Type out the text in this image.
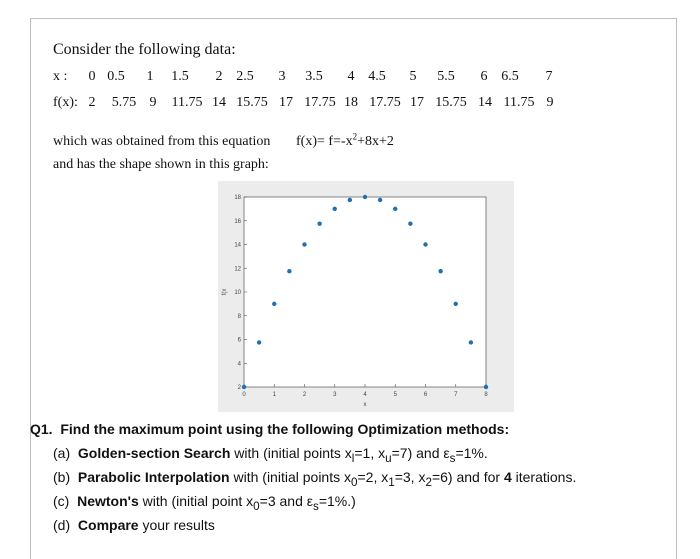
Consider the following data:
x : 0 0.5 1 1.5 2 2.5 3 3.5 4 4.5 5 5.5 6 6.5 7
f(x): 2 5.75 9 11.75 14 15.75 17 17.75 18 17.75 17 15.75 14 11.75 9
which was obtained from this equation $f(x)= f=-x^2+8x+2$
and has the shape shown in this graph:
0	1	2	3	4	5	6	7	8
2
4
6
8
10
12
14
16
18
x
f(x
Q1. Find the maximum point using the following Optimization methods:
(a) Golden-section Search with (initial points $x_l=1$, $x_u=7$) and $\varepsilon_s=1\%$.
(b) Parabolic Interpolation with (initial points $x_0=2$, $x_1=3$, $x_2=6$) and for 4 iterations.
(c) Newton's with (initial point $x_0=3$ and $\varepsilon_s=1\%$.)
(d) Compare your results
